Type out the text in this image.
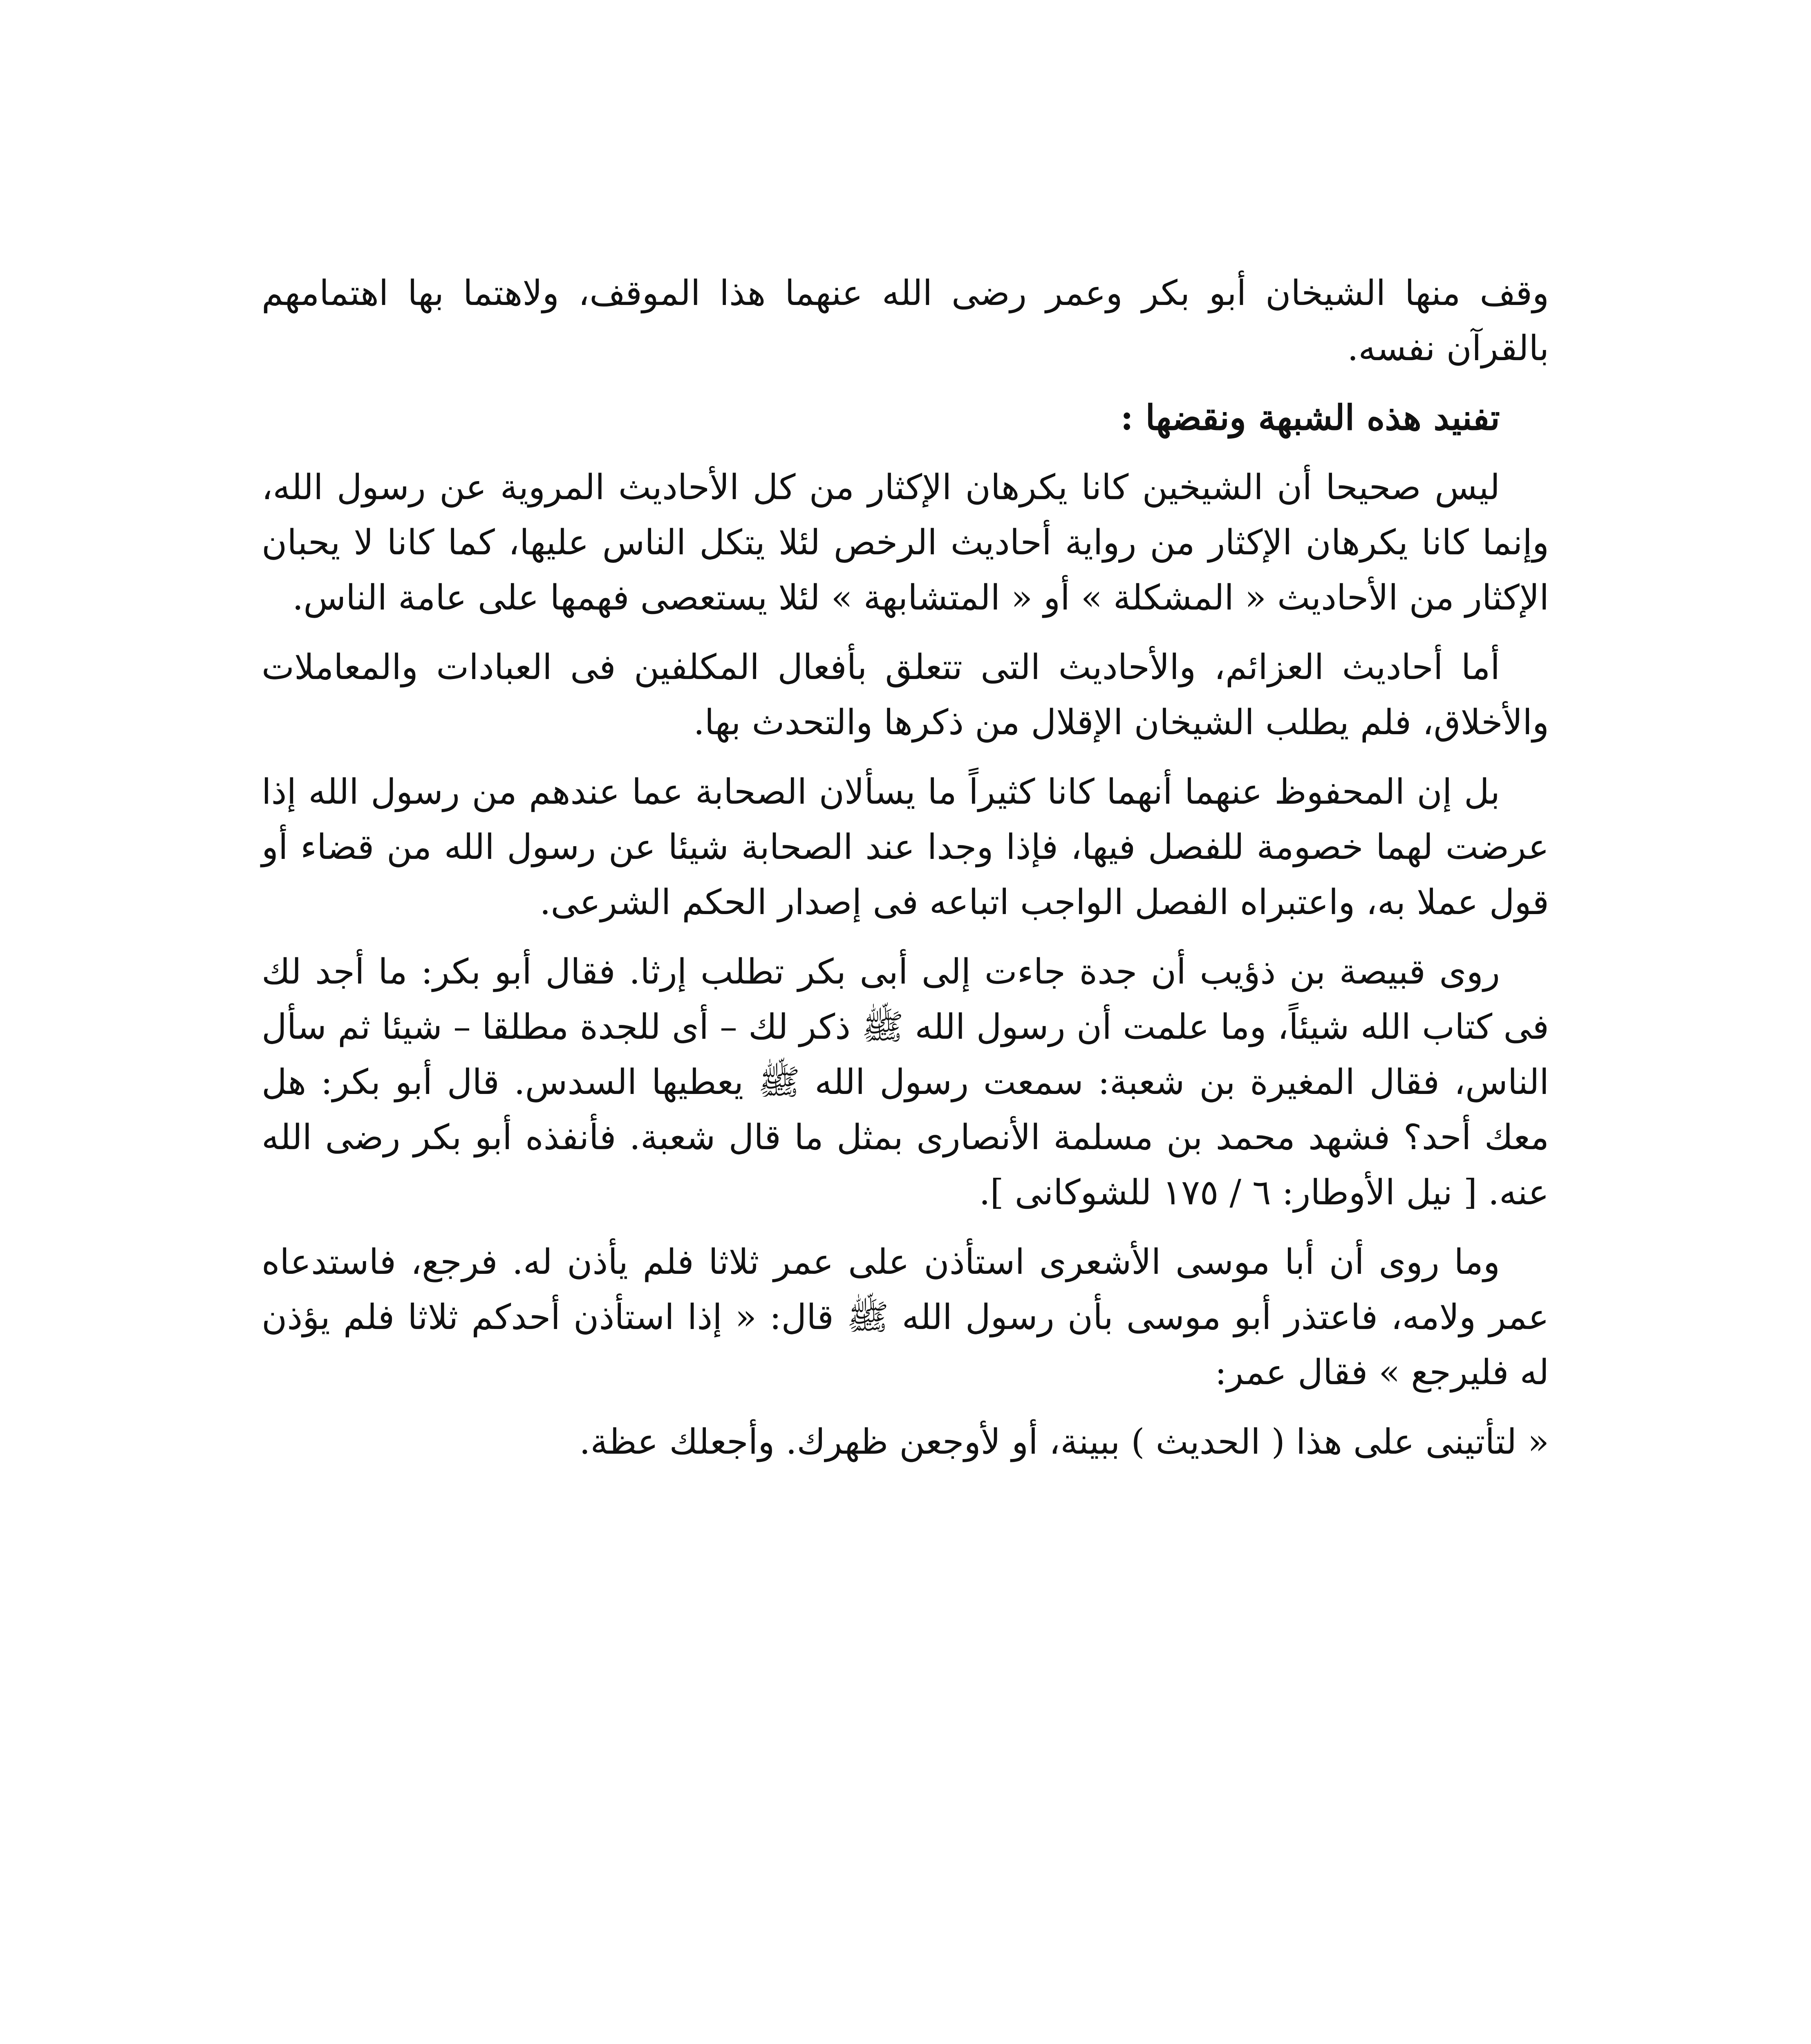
وقف منها الشيخان أبو بكر وعمر رضى الله عنهما هذا الموقف، ولاهتما بها اهتمامهم بالقرآن نفسه.

تفنيد هذه الشبهة ونقضها :

ليس صحيحا أن الشيخين كانا يكرهان الإكثار من كل الأحاديث المروية عن رسول الله، وإنما كانا يكرهان الإكثار من رواية أحاديث الرخص لئلا يتكل الناس عليها، كما كانا لا يحبان الإكثار من الأحاديث « المشكلة » أو « المتشابهة » لئلا يستعصى فهمها على عامة الناس.

أما أحاديث العزائم، والأحاديث التى تتعلق بأفعال المكلفين فى العبادات والمعاملات والأخلاق، فلم يطلب الشيخان الإقلال من ذكرها والتحدث بها.

بل إن المحفوظ عنهما أنهما كانا كثيراً ما يسألان الصحابة عما عندهم من رسول الله إذا عرضت لهما خصومة للفصل فيها، فإذا وجدا عند الصحابة شيئا عن رسول الله من قضاء أو قول عملا به، واعتبراه الفصل الواجب اتباعه فى إصدار الحكم الشرعى.

روى قبيصة بن ذؤيب أن جدة جاءت إلى أبى بكر تطلب إرثا. فقال أبو بكر: ما أجد لك فى كتاب الله شيئاً، وما علمت أن رسول الله ﷺ ذكر لك – أى للجدة مطلقا – شيئا ثم سأل الناس، فقال المغيرة بن شعبة: سمعت رسول الله ﷺ يعطيها السدس. قال أبو بكر: هل معك أحد؟ فشهد محمد بن مسلمة الأنصارى بمثل ما قال شعبة. فأنفذه أبو بكر رضى الله عنه. [ نيل الأوطار: ٦ / ١٧٥ للشوكانى ].

وما روى أن أبا موسى الأشعرى استأذن على عمر ثلاثا فلم يأذن له. فرجع، فاستدعاه عمر ولامه، فاعتذر أبو موسى بأن رسول الله ﷺ قال: « إذا استأذن أحدكم ثلاثا فلم يؤذن له فليرجع » فقال عمر:

« لتأتينى على هذا ( الحديث ) ببينة، أو لأوجعن ظهرك. وأجعلك عظة.
